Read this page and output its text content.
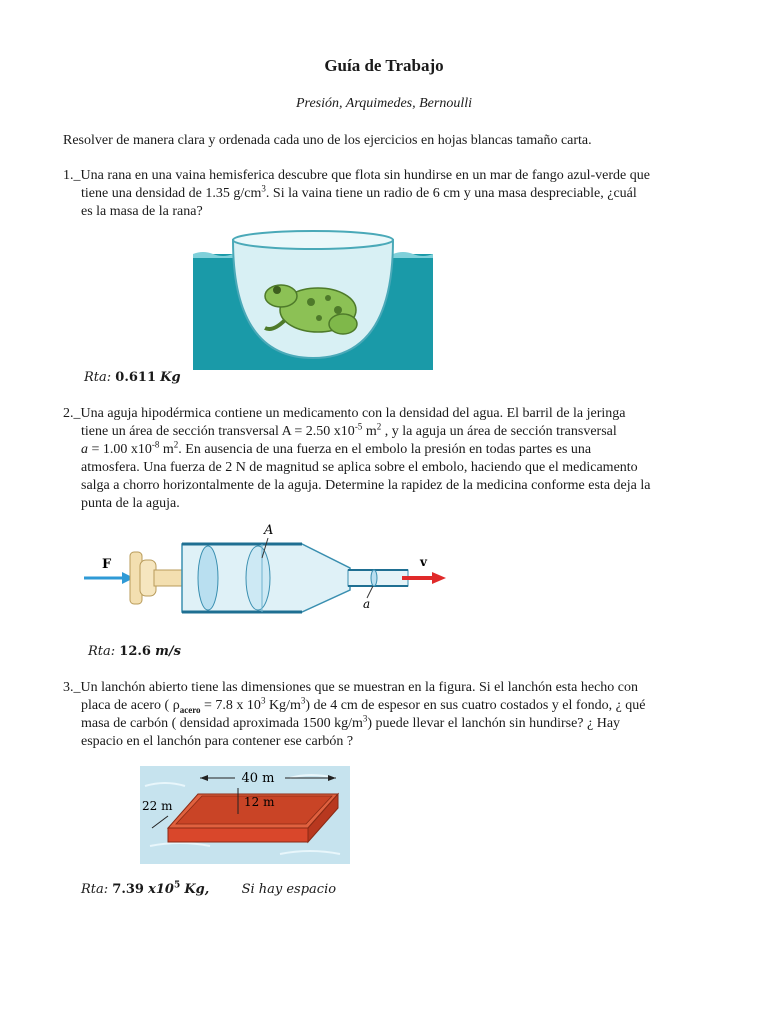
Guía de Trabajo
Presión, Arquimedes, Bernoulli
Resolver de manera clara y ordenada cada uno de los ejercicios en hojas blancas tamaño carta.
1._Una rana en una vaina hemisferica descubre que flota sin hundirse en un mar de fango azul-verde que
tiene una densidad de 1.35 $g/cm^3$. Si la vaina tiene un radio de 6 cm y una masa despreciable, ¿cuál
es la masa de la rana?
Rta: 0.611 Kg
2._Una aguja hipodérmica contiene un medicamento con la densidad del agua. El barril de la jeringa
tiene un área de sección transversal A = 2.50 $x10^{-5}$ $m^2$ , y la aguja un área de sección transversal
a = 1.00 $x10^{-8}$ $m^2$. En ausencia de una fuerza en el embolo la presión en todas partes es una
atmosfera. Una fuerza de 2 N de magnitud se aplica sobre el embolo, haciendo que el medicamento
salga a chorro horizontalmente de la aguja. Determine la rapidez de la medicina conforme esta deja la
punta de la aguja.
F	v
A
a
Rta: 12.6 m/s
3._Un lanchón abierto tiene las dimensiones que se muestran en la figura. Si el lanchón esta hecho con
placa de acero ( $\rho_{acero} = 7.8$ x $10^3$ $Kg/m^3$) de 4 cm de espesor en sus cuatro costados y el fondo, ¿ qué
masa de carbón ( densidad aproximada 1500 $kg/m^3$) puede llevar el lanchón sin hundirse? ¿ Hay
espacio en el lanchón para contener ese carbón ?
40 m
22 m	12 m
Rta: 7.39 $x10^5$ Kg, Si hay espacio
